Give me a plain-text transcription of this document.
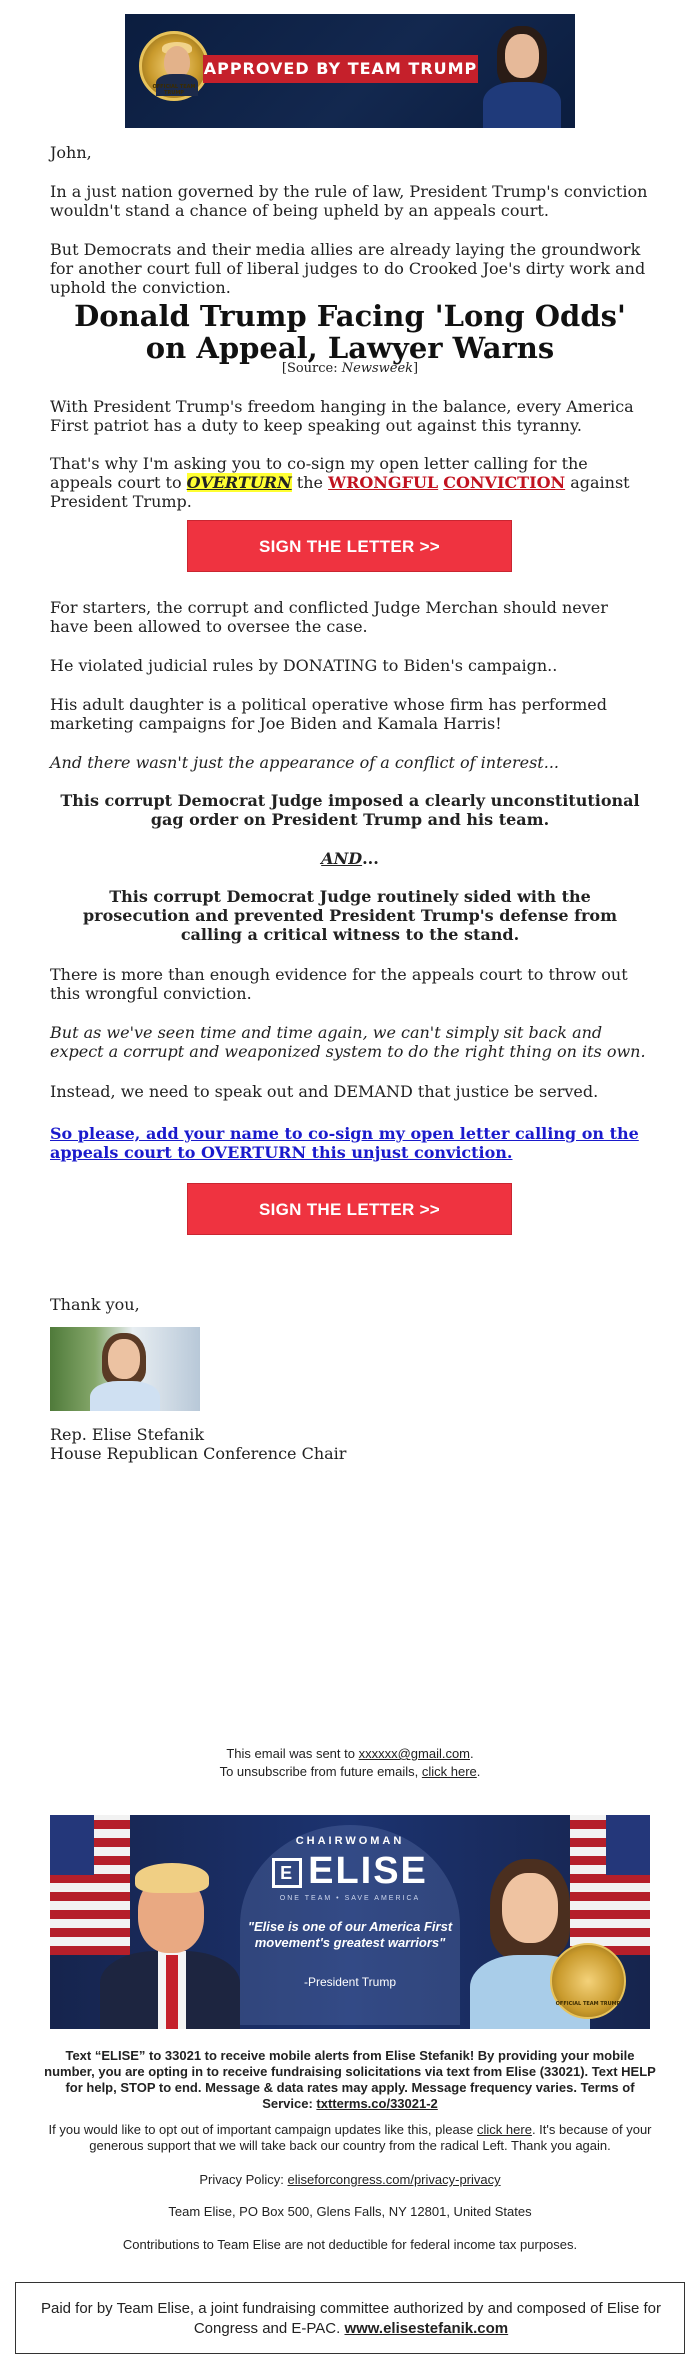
OFFICIAL TEAM TRUMP
APPROVED BY TEAM TRUMP
John,
In a just nation governed by the rule of law, President Trump's conviction wouldn't stand a chance of being upheld by an appeals court.
But Democrats and their media allies are already laying the groundwork for another court full of liberal judges to do Crooked Joe's dirty work and uphold the conviction.
Donald Trump Facing 'Long Odds' on Appeal, Lawyer Warns
[Source: Newsweek]
With President Trump's freedom hanging in the balance, every America First patriot has a duty to keep speaking out against this tyranny.
That's why I'm asking you to co-sign my open letter calling for the appeals court to OVERTURN the WRONGFUL CONVICTION against President Trump.
SIGN THE LETTER >>
For starters, the corrupt and conflicted Judge Merchan should never have been allowed to oversee the case.
He violated judicial rules by DONATING to Biden's campaign..
His adult daughter is a political operative whose firm has performed marketing campaigns for Joe Biden and Kamala Harris!
And there wasn't just the appearance of a conflict of interest...
This corrupt Democrat Judge imposed a clearly unconstitutional gag order on President Trump and his team.
AND...
This corrupt Democrat Judge routinely sided with the prosecution and prevented President Trump's defense from calling a critical witness to the stand.
There is more than enough evidence for the appeals court to throw out this wrongful conviction.
But as we've seen time and time again, we can't simply sit back and expect a corrupt and weaponized system to do the right thing on its own.
Instead, we need to speak out and DEMAND that justice be served.
So please, add your name to co-sign my open letter calling on the appeals court to OVERTURN this unjust conviction.
SIGN THE LETTER >>
Thank you,
Rep. Elise Stefanik
House Republican Conference Chair
This email was sent to xxxxxx@gmail.com.
To unsubscribe from future emails, click here.
OFFICIAL TEAM TRUMP
CHAIRWOMAN
E ELISE
ONE TEAM • SAVE AMERICA
"Elise is one of our America First movement's greatest warriors"
-President Trump
Text “ELISE” to 33021 to receive mobile alerts from Elise Stefanik! By providing your mobile number, you are opting in to receive fundraising solicitations via text from Elise (33021). Text HELP for help, STOP to end. Message & data rates may apply. Message frequency varies. Terms of Service: txtterms.co/33021-2
If you would like to opt out of important campaign updates like this, please click here. It's because of your generous support that we will take back our country from the radical Left. Thank you again.
Privacy Policy: eliseforcongress.com/privacy-privacy
Team Elise, PO Box 500, Glens Falls, NY 12801, United States
Contributions to Team Elise are not deductible for federal income tax purposes.

Paid for by Team Elise, a joint fundraising committee authorized by and composed of Elise for Congress and E-PAC. www.elisestefanik.com
